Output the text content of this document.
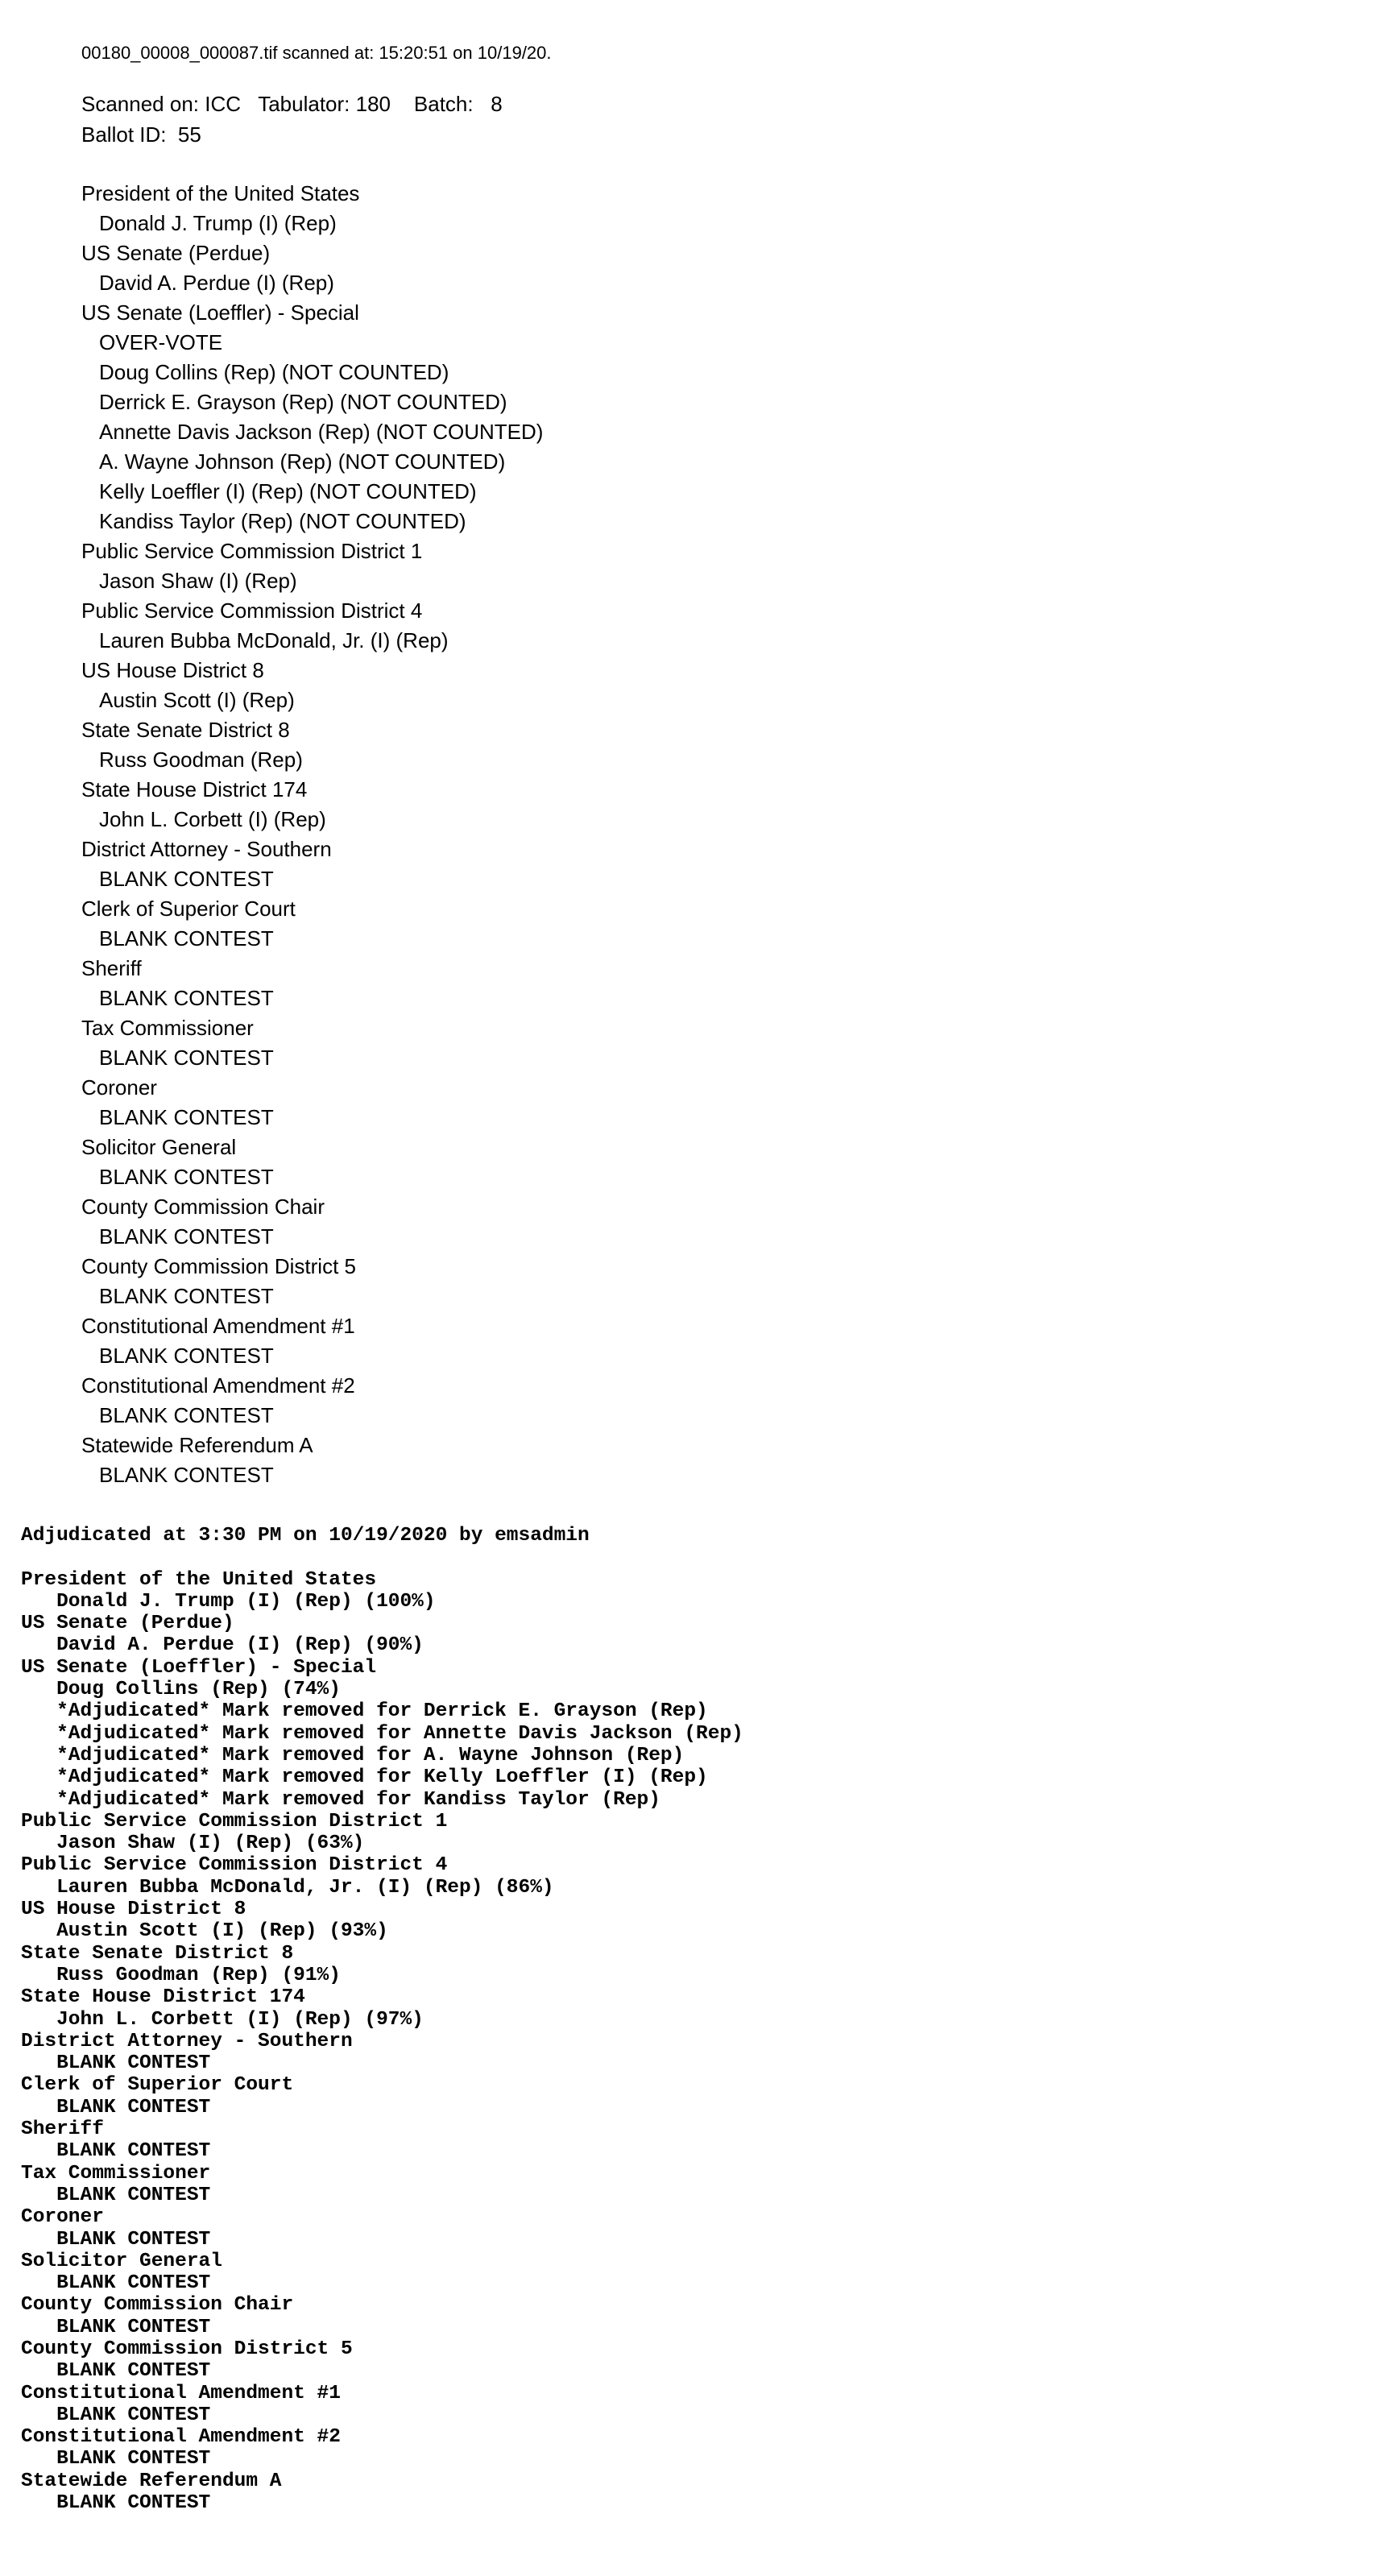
00180_00008_000087.tif scanned at: 15:20:51 on 10/19/20.
Scanned on: ICC   Tabulator: 180    Batch:   8
Ballot ID:  55
President of the United States
Donald J. Trump (I) (Rep)
US Senate (Perdue)
David A. Perdue (I) (Rep)
US Senate (Loeffler) - Special
OVER-VOTE
Doug Collins (Rep) (NOT COUNTED)
Derrick E. Grayson (Rep) (NOT COUNTED)
Annette Davis Jackson (Rep) (NOT COUNTED)
A. Wayne Johnson (Rep) (NOT COUNTED)
Kelly Loeffler (I) (Rep) (NOT COUNTED)
Kandiss Taylor (Rep) (NOT COUNTED)
Public Service Commission District 1
Jason Shaw (I) (Rep)
Public Service Commission District 4
Lauren Bubba McDonald, Jr. (I) (Rep)
US House District 8
Austin Scott (I) (Rep)
State Senate District 8
Russ Goodman (Rep)
State House District 174
John L. Corbett (I) (Rep)
District Attorney - Southern
BLANK CONTEST
Clerk of Superior Court
BLANK CONTEST
Sheriff
BLANK CONTEST
Tax Commissioner
BLANK CONTEST
Coroner
BLANK CONTEST
Solicitor General
BLANK CONTEST
County Commission Chair
BLANK CONTEST
County Commission District 5
BLANK CONTEST
Constitutional Amendment #1
BLANK CONTEST
Constitutional Amendment #2
BLANK CONTEST
Statewide Referendum A
BLANK CONTEST
Adjudicated at 3:30 PM on 10/19/2020 by emsadmin
President of the United States
Donald J. Trump (I) (Rep) (100%)
US Senate (Perdue)
David A. Perdue (I) (Rep) (90%)
US Senate (Loeffler) - Special
Doug Collins (Rep) (74%)
*Adjudicated* Mark removed for Derrick E. Grayson (Rep)
*Adjudicated* Mark removed for Annette Davis Jackson (Rep)
*Adjudicated* Mark removed for A. Wayne Johnson (Rep)
*Adjudicated* Mark removed for Kelly Loeffler (I) (Rep)
*Adjudicated* Mark removed for Kandiss Taylor (Rep)
Public Service Commission District 1
Jason Shaw (I) (Rep) (63%)
Public Service Commission District 4
Lauren Bubba McDonald, Jr. (I) (Rep) (86%)
US House District 8
Austin Scott (I) (Rep) (93%)
State Senate District 8
Russ Goodman (Rep) (91%)
State House District 174
John L. Corbett (I) (Rep) (97%)
District Attorney - Southern
BLANK CONTEST
Clerk of Superior Court
BLANK CONTEST
Sheriff
BLANK CONTEST
Tax Commissioner
BLANK CONTEST
Coroner
BLANK CONTEST
Solicitor General
BLANK CONTEST
County Commission Chair
BLANK CONTEST
County Commission District 5
BLANK CONTEST
Constitutional Amendment #1
BLANK CONTEST
Constitutional Amendment #2
BLANK CONTEST
Statewide Referendum A
BLANK CONTEST
